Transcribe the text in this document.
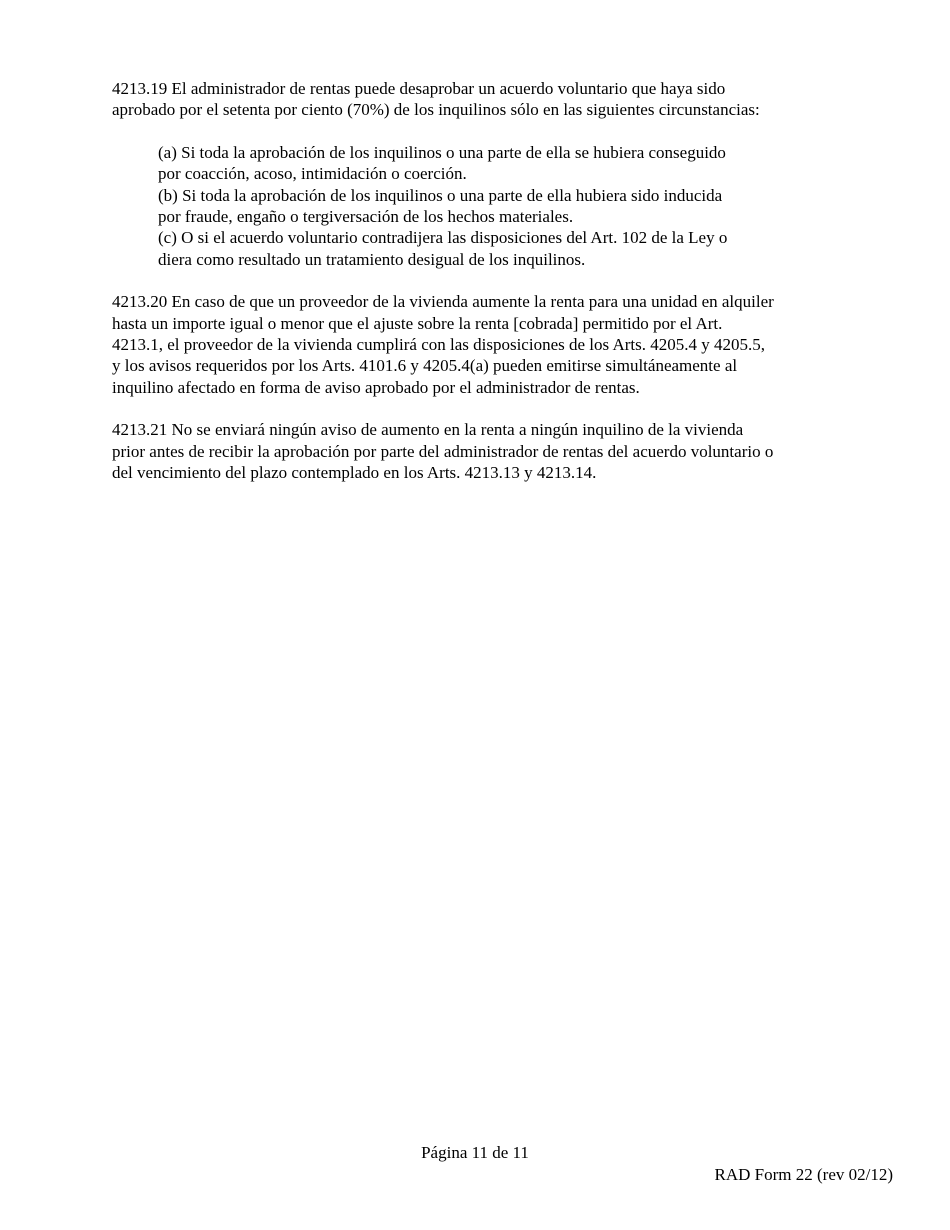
4213.19 El administrador de rentas puede desaprobar un acuerdo voluntario que haya sido
aprobado por el setenta por ciento (70%) de los inquilinos sólo en las siguientes circunstancias:

(a) Si toda la aprobación de los inquilinos o una parte de ella se hubiera conseguido
por coacción, acoso, intimidación o coerción.
(b) Si toda la aprobación de los inquilinos o una parte de ella hubiera sido inducida
por fraude, engaño o tergiversación de los hechos materiales.
(c) O si el acuerdo voluntario contradijera las disposiciones del Art. 102 de la Ley o
diera como resultado un tratamiento desigual de los inquilinos.

4213.20 En caso de que un proveedor de la vivienda aumente la renta para una unidad en alquiler
hasta un importe igual o menor que el ajuste sobre la renta [cobrada] permitido por el Art.
4213.1, el proveedor de la vivienda cumplirá con las disposiciones de los Arts. 4205.4 y 4205.5,
y los avisos requeridos por los Arts. 4101.6 y 4205.4(a) pueden emitirse simultáneamente al
inquilino afectado en forma de aviso aprobado por el administrador de rentas.

4213.21 No se enviará ningún aviso de aumento en la renta a ningún inquilino de la vivienda
prior antes de recibir la aprobación por parte del administrador de rentas del acuerdo voluntario o
del vencimiento del plazo contemplado en los Arts. 4213.13 y 4213.14.

Página 11 de 11
RAD Form 22 (rev 02/12)
